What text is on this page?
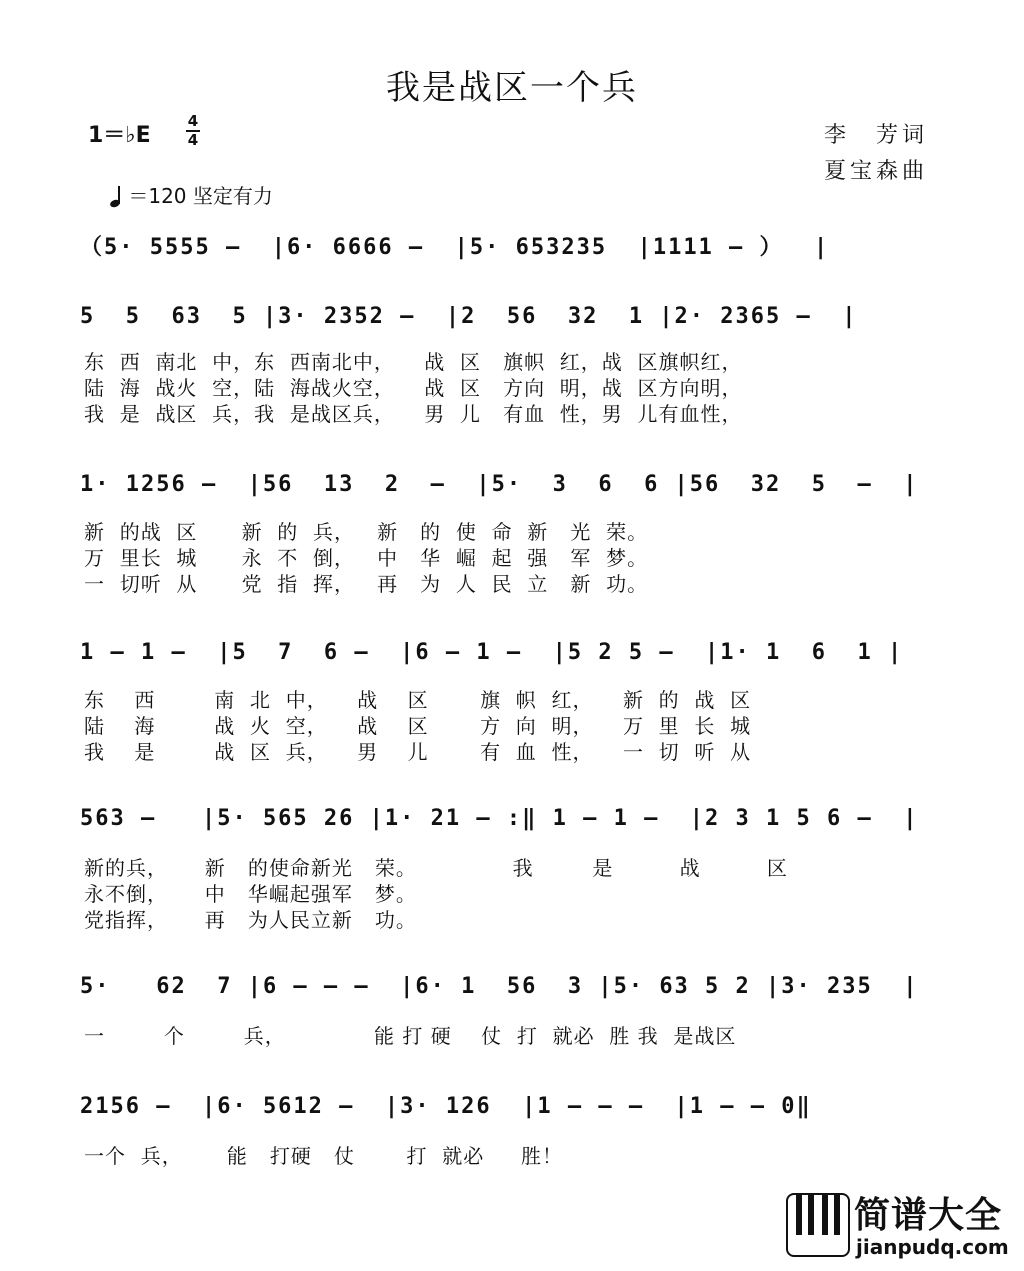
我是战区一个兵
1＝♭E
4
4	李　芳词
夏宝森曲
＝120 坚定有力
（5· 5555 ‒  |6· 6666 ‒  |5· 653235  |1111 ‒ ）  |
5  5  63  5 |3· 2352 ‒  |2  56  32  1 |2· 2365 ‒  |
东  西  南北  中，东  西南北中，    战  区   旗帜  红，战  区旗帜红，
陆  海  战火  空，陆  海战火空，    战  区   方向  明，战  区方向明，
我  是  战区  兵，我  是战区兵，    男  儿   有血  性，男  儿有血性，
1· 1256 ‒  |56  13  2  ‒  |5·  3  6  6 |56  32  5  ‒  |
新  的战  区      新  的  兵，   新   的  使  命  新   光  荣。
万  里长  城      永  不  倒，   中   华  崛  起  强   军  梦。
一  切听  从      党  指  挥，   再   为  人  民  立   新  功。
1 ‒ 1 ‒  |5  7  6 ‒  |6 ‒ 1 ‒  |5 2 5 ‒  |1· 1  6  1 |
东    西        南  北  中，    战    区       旗  帜  红，    新  的  战  区
陆    海        战  火  空，    战    区       方  向  明，    万  里  长  城
我    是        战  区  兵，    男    儿       有  血  性，    一  切  听  从
563 ‒   |5· 565 26 |1· 21 ‒ :‖ 1 ‒ 1 ‒  |2 3 1 5 6 ‒  |
新的兵，     新   的使命新光   荣。             我        是         战         区
永不倒，     中   华崛起强军   梦。
党指挥，     再   为人民立新   功。
5·   62  7 |6 ‒ ‒ ‒  |6· 1  56  3 |5· 63 5 2 |3· 235  |
一        个        兵，            能 打 硬    仗  打  就必  胜 我  是战区
2156 ‒  |6· 5612 ‒  |3· 126  |1 ‒ ‒ ‒  |1 ‒ ‒ 0‖
一个  兵，      能   打硬   仗       打  就必     胜！
简谱大全
jianpudq.com
